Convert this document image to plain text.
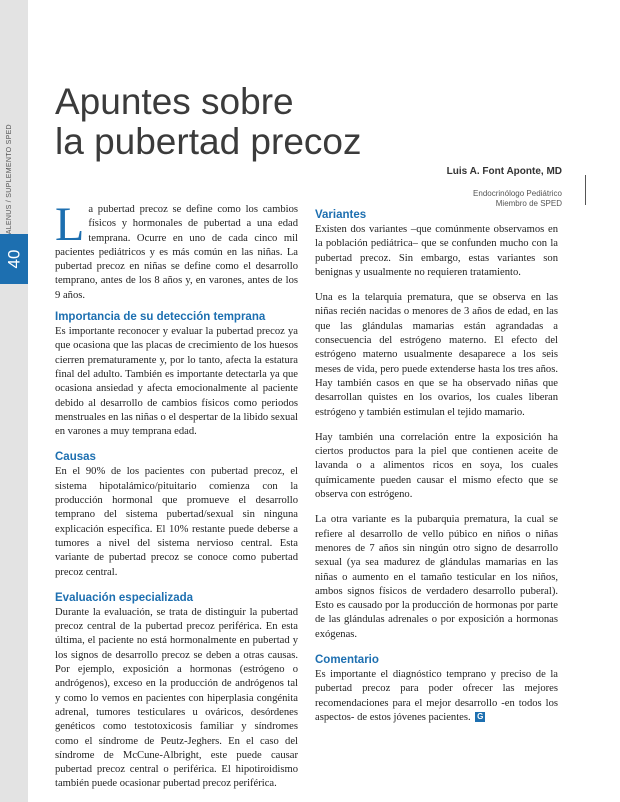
40
Apuntes sobre
la pubertad precoz
Luis A. Font Aponte, MD
Endocrinólogo Pediátrico
Miembro de SPED

La pubertad precoz se define como los cambios físicos y hormonales de pubertad a una edad temprana. Ocurre en uno de cada cinco mil pacientes pediátricos y es más común en las niñas. La pubertad precoz en niñas se define como el desarrollo temprano, antes de los 8 años y, en varones, antes de los 9 años.

Importancia de su detección temprana

Es importante reconocer y evaluar la pubertad precoz ya que ocasiona que las placas de crecimiento de los huesos cierren prematuramente y, por lo tanto, afecta la estatura final del adulto. También es importante detectarla ya que ocasiona ansiedad y afecta emocionalmente al paciente debido al desarrollo de cambios físicos como periodos menstruales en las niñas o el despertar de la libido sexual en varones a muy temprana edad.

Causas

En el 90% de los pacientes con pubertad precoz, el sistema hipotalámico/pituitario comienza con la producción hormonal que promueve el desarrollo temprano del sistema pubertad/sexual sin ninguna explicación específica. El 10% restante puede deberse a tumores a nivel del sistema nervioso central. Esta variante de pubertad precoz se conoce como pubertad precoz central.

Evaluación especializada

Durante la evaluación, se trata de distinguir la pubertad precoz central de la pubertad precoz periférica. En esta última, el paciente no está hormonalmente en pubertad y los signos de desarrollo precoz se deben a otras causas. Por ejemplo, exposición a hormonas (estrógeno o andrógenos), exceso en la producción de andrógenos tal y como lo vemos en pacientes con hiperplasia congénita adrenal, tumores testiculares u ováricos, desórdenes genéticos como testotoxicosis familiar y síndromes como el síndrome de Peutz-Jeghers. En el caso del síndrome de McCune-Albright, este puede causar pubertad precoz central o periférica. El hipotiroidismo también puede ocasionar pubertad precoz periférica.

Variantes

Existen dos variantes –que comúnmente observamos en la población pediátrica– que se confunden mucho con la pubertad precoz. Sin embargo, estas variantes son benignas y usualmente no requieren tratamiento.

Una es la telarquia prematura, que se observa en las niñas recién nacidas o menores de 3 años de edad, en las que las glándulas mamarias están agrandadas a consecuencia del estrógeno materno. El efecto del estrógeno materno usualmente desaparece a los seis meses de vida, pero puede extenderse hasta los tres años. Hay también casos en que se ha observado niñas que desarrollan quistes en los ovarios, los cuales liberan estrógeno y también estimulan el tejido mamario.

Hay también una correlación entre la exposición ha ciertos productos para la piel que contienen aceite de lavanda o a alimentos ricos en soya, los cuales químicamente pueden causar el mismo efecto que se observa con estrógeno.

La otra variante es la pubarquia prematura, la cual se refiere al desarrollo de vello púbico en niños o niñas menores de 7 años sin ningún otro signo de desarrollo sexual (ya sea madurez de glándulas mamarias en las niñas o aumento en el tamaño testicular en los niños, ambos signos físicos de verdadero desarrollo puberal). Esto es causado por la producción de hormonas por parte de las glándulas adrenales o por exposición a hormonas exógenas.

Comentario

Es importante el diagnóstico temprano y preciso de la pubertad precoz para poder ofrecer las mejores recomendaciones para el mejor desarrollo -en todos los aspectos- de estos jóvenes pacientes. G
